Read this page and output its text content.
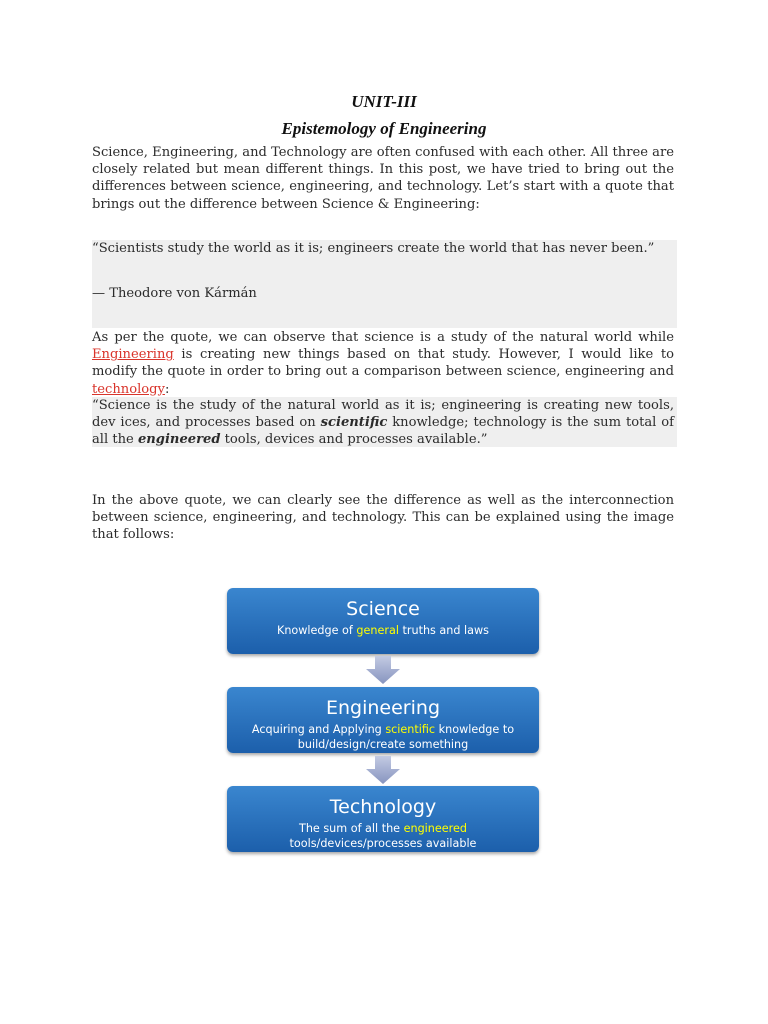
UNIT-III
Epistemology of Engineering

Science, Engineering, and Technology are often confused with each other. All three are closely related but mean different things. In this post, we have tried to bring out the differences between science, engineering, and technology. Let’s start with a quote that brings out the difference between Science & Engineering:

“Scientists study the world as it is; engineers create the world that has never been.”

— Theodore von Kármán

As per the quote, we can observe that science is a study of the natural world while Engineering is creating new things based on that study. However, I would like to modify the quote in order to bring out a comparison between science, engineering and technology:

“Science is the study of the natural world as it is; engineering is creating new tools, dev ices, and processes based on scientific knowledge; technology is the sum total of all the engineered tools, devices and processes available.”

In the above quote, we can clearly see the difference as well as the interconnection between science, engineering, and technology. This can be explained using the image that follows:

Science
Knowledge of general truths and laws
Engineering
Acquiring and Applying scientific knowledge to
build/design/create something
Technology
The sum of all the engineered
tools/devices/processes available
